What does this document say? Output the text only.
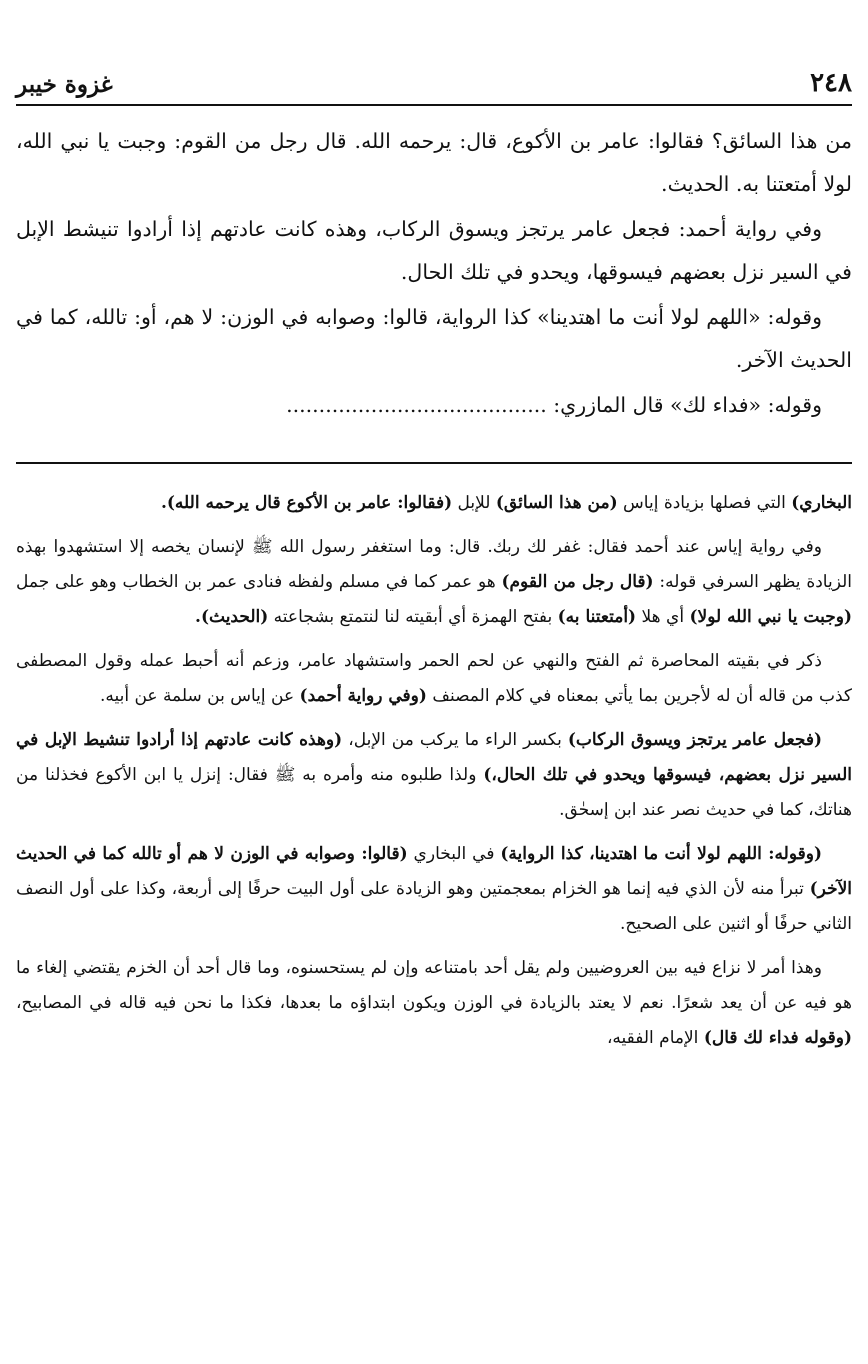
٢٤٨
غزوة خيبر

من هذا السائق؟ فقالوا: عامر بن الأكوع، قال: يرحمه الله. قال رجل من القوم: وجبت يا نبي الله، لولا أمتعتنا به. الحديث.

وفي رواية أحمد: فجعل عامر يرتجز ويسوق الركاب، وهذه كانت عادتهم إذا أرادوا تنيشط الإبل في السير نزل بعضهم فيسوقها، ويحدو في تلك الحال.

وقوله: «اللهم لولا أنت ما اهتدينا» كذا الرواية، قالوا: وصوابه في الوزن: لا هم، أو: تالله، كما في الحديث الآخر.

وقوله: «فداء لك» قال المازري: ........................................

البخاري) التي فصلها بزيادة إياس (من هذا السائق) للإبل (فقالوا: عامر بن الأكوع قال يرحمه الله).

وفي رواية إياس عند أحمد فقال: غفر لك ربك. قال: وما استغفر رسول الله ﷺ لإنسان يخصه إلا استشهدوا بهذه الزيادة يظهر السرفي قوله: (قال رجل من القوم) هو عمر كما في مسلم ولفظه فنادى عمر بن الخطاب وهو على جمل (وجبت يا نبي الله لولا) أي هلا (أمتعتنا به) بفتح الهمزة أي أبقيته لنا لنتمتع بشجاعته (الحديث).

ذكر في بقيته المحاصرة ثم الفتح والنهي عن لحم الحمر واستشهاد عامر، وزعم أنه أحبط عمله وقول المصطفى كذب من قاله أن له لأجرين بما يأتي بمعناه في كلام المصنف (وفي رواية أحمد) عن إياس بن سلمة عن أبيه.

(فجعل عامر يرتجز ويسوق الركاب) بكسر الراء ما يركب من الإبل، (وهذه كانت عادتهم إذا أرادوا تنشيط الإبل في السير نزل بعضهم، فيسوقها ويحدو في تلك الحال،) ولذا طلبوه منه وأمره به ﷺ فقال: إنزل يا ابن الأكوع فخذلنا من هناتك، كما في حديث نصر عند ابن إسحٰق.

(وقوله: اللهم لولا أنت ما اهتدينا، كذا الرواية) في البخاري (قالوا: وصوابه في الوزن لا هم أو تالله كما في الحديث الآخر) تبرأ منه لأن الذي فيه إنما هو الخزام بمعجمتين وهو الزيادة على أول البيت حرفًا إلى أربعة، وكذا على أول النصف الثاني حرفًا أو اثنين على الصحيح.

وهذا أمر لا نزاع فيه بين العروضيين ولم يقل أحد بامتناعه وإن لم يستحسنوه، وما قال أحد أن الخزم يقتضي إلغاء ما هو فيه عن أن يعد شعرًا. نعم لا يعتد بالزيادة في الوزن ويكون ابتداؤه ما بعدها، فكذا ما نحن فيه قاله في المصابيح، (وقوله فداء لك قال) الإمام الفقيه،
